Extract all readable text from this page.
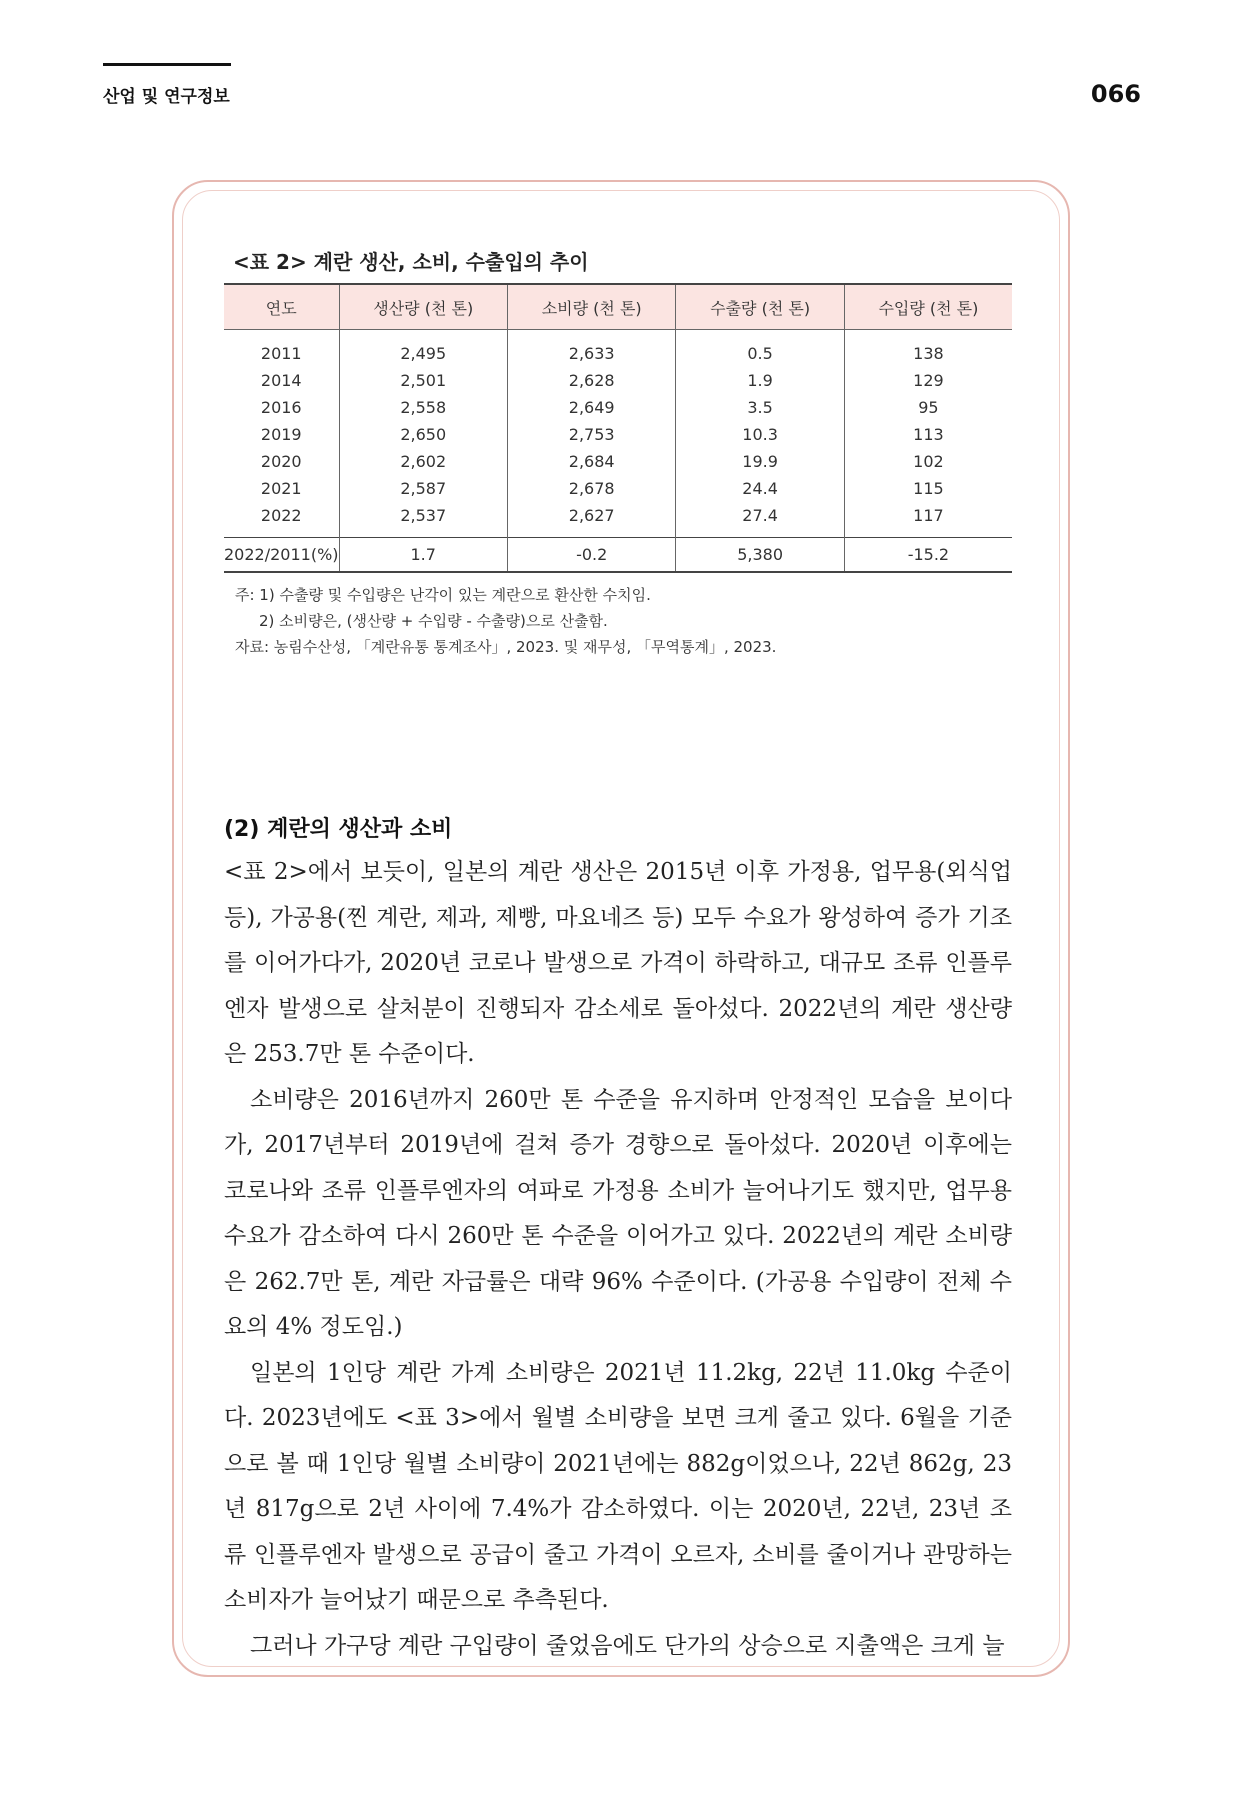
산업 및 연구정보	066
<표 2> 계란 생산, 소비, 수출입의 추이
연도	생산량 (천 톤)	소비량 (천 톤)	수출량 (천 톤)	수입량 (천 톤)
2011	2,495	2,633	0.5	138
2014	2,501	2,628	1.9	129
2016	2,558	2,649	3.5	95
2019	2,650	2,753	10.3	113
2020	2,602	2,684	19.9	102
2021	2,587	2,678	24.4	115
2022	2,537	2,627	27.4	117
2022/2011(%)	1.7	-0.2	5,380	-15.2
주: 1) 수출량 및 수입량은 난각이 있는 계란으로 환산한 수치임.
2) 소비량은, (생산량 + 수입량 - 수출량)으로 산출함.
자료: 농림수산성, 「계란유통 통계조사」, 2023. 및 재무성, 「무역통계」, 2023.
(2) 계란의 생산과 소비

<표 2>에서 보듯이, 일본의 계란 생산은 2015년 이후 가정용, 업무용(외식업 등), 가공용(찐 계란, 제과, 제빵, 마요네즈 등) 모두 수요가 왕성하여 증가 기조를 이어가다가, 2020년 코로나 발생으로 가격이 하락하고, 대규모 조류 인플루엔자 발생으로 살처분이 진행되자 감소세로 돌아섰다. 2022년의 계란 생산량은 253.7만 톤 수준이다.

소비량은 2016년까지 260만 톤 수준을 유지하며 안정적인 모습을 보이다가, 2017년부터 2019년에 걸쳐 증가 경향으로 돌아섰다. 2020년 이후에는 코로나와 조류 인플루엔자의 여파로 가정용 소비가 늘어나기도 했지만, 업무용 수요가 감소하여 다시 260만 톤 수준을 이어가고 있다. 2022년의 계란 소비량은 262.7만 톤, 계란 자급률은 대략 96% 수준이다. (가공용 수입량이 전체 수요의 4% 정도임.)

일본의 1인당 계란 가계 소비량은 2021년 11.2kg, 22년 11.0kg 수준이다. 2023년에도 <표 3>에서 월별 소비량을 보면 크게 줄고 있다. 6월을 기준으로 볼 때 1인당 월별 소비량이 2021년에는 882g이었으나, 22년 862g, 23년 817g으로 2년 사이에 7.4%가 감소하였다. 이는 2020년, 22년, 23년 조류 인플루엔자 발생으로 공급이 줄고 가격이 오르자, 소비를 줄이거나 관망하는 소비자가 늘어났기 때문으로 추측된다.

그러나 가구당 계란 구입량이 줄었음에도 단가의 상승으로 지출액은 크게 늘
